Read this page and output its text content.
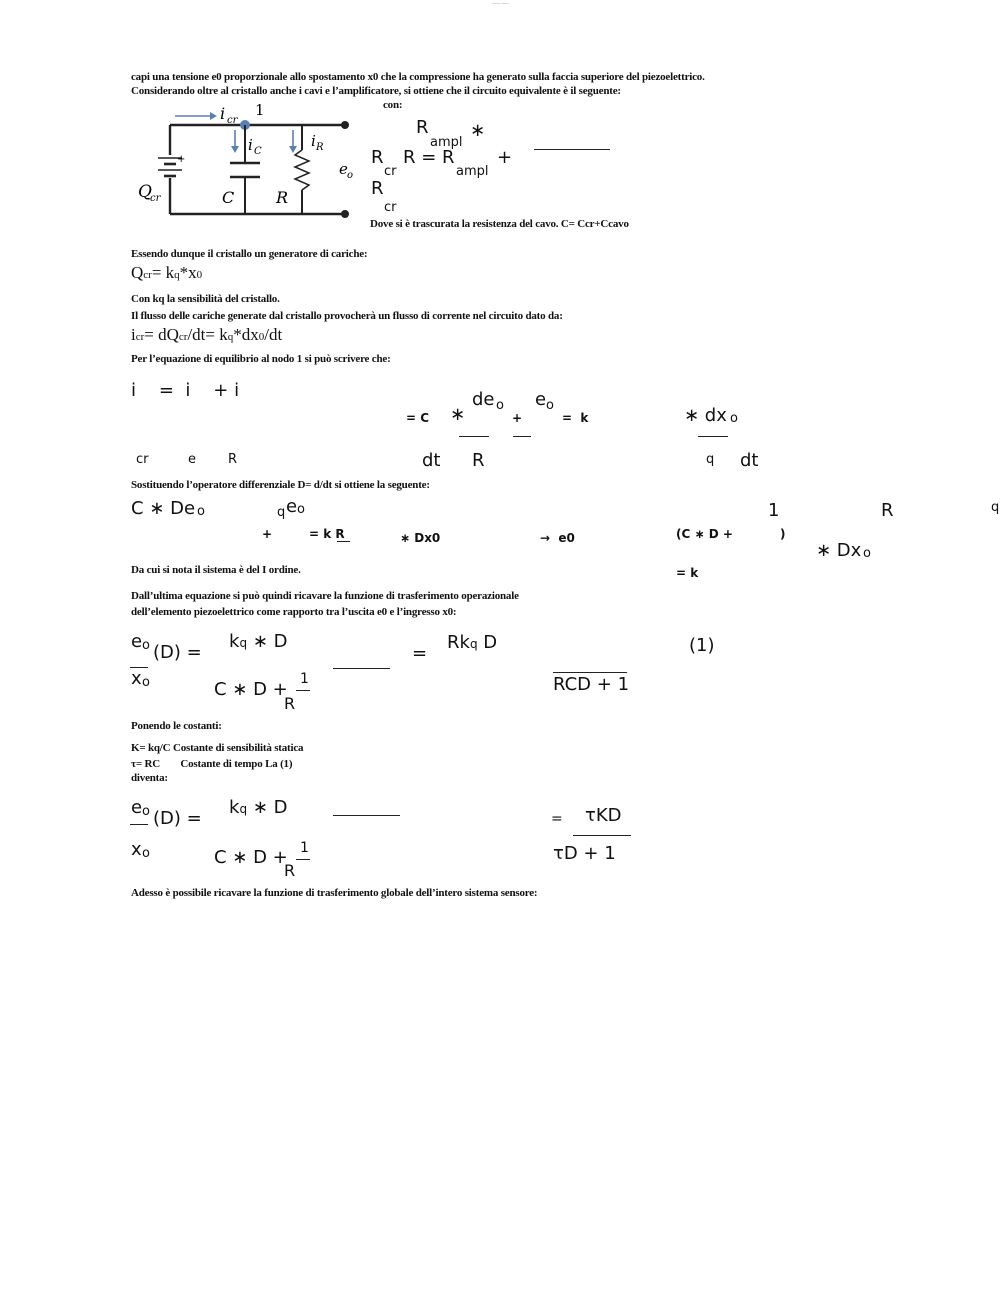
—— ——
capi una tensione e0 proporzionale allo spostamento x0 che la compressione ha generato sulla faccia superiore del piezoelettrico.
Considerando oltre al cristallo anche i cavi e l’amplificatore, si ottiene che il circuito equivalente è il seguente:
i cr
1
+
Q
cr
i C
C
i R
R
e o
con:
R
ampl
∗
R R = R
cr	ampl
+
R
cr
Dove si è trascurata la resistenza del cavo. C= Ccr+Ccavo
Essendo dunque il cristallo un generatore di cariche:
Qcr= kq*x0
Con kq la sensibilità del cristallo.
Il flusso delle cariche generate dal cristallo provocherà un flusso di corrente nel circuito dato da:
icr= dQcr/dt= kq*dx0/dt
Per l’equazione di equilibrio al nodo 1 si può scrivere che:
i    =  i    + i
cr	e R
= C ∗
de o
+
e o
=  k	∗ dx o
dt R	q dt
Sostituendo l’operatore differenziale D= d/dt si ottiene la seguente:
C ∗ De o	q e o
+	= k R	∗ Dx0	→  e0	(C ∗ D +	)
1	R	q
∗ Dx o
Da cui si nota il sistema è del I ordine.	= k
Dall’ultima equazione si può quindi ricavare la funzione di trasferimento operazionale
dell’elemento piezoelettrico come rapporto tra l’uscita e0 e l’ingresso x0:
e o (D) =
x o
kq ∗ D
C ∗ D + 1
R
=
Rkq D
RCD + 1
(1)
Ponendo le costanti:
K= kq/C Costante di sensibilità statica
τ= RC        Costante di tempo La (1)
diventa:
e o (D) =
x o
kq ∗ D
C ∗ D + 1
R
= τKD
τD + 1
Adesso è possibile ricavare la funzione di trasferimento globale dell’intero sistema sensore:
